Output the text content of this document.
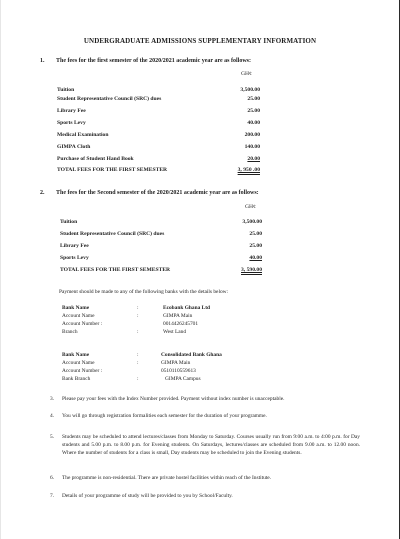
UNDERGRADUATE ADMISSIONS SUPPLEMENTARY INFORMATION
1. The fees for the first semester of the 2020/2021 academic year are as follows:
GH¢
Tuition	3,500.00
Student Representative Council (SRC) dues	25.00
Library Fee	25.00
Sports Levy	40.00
Medical Examination	200.00
GIMPA Cloth	140.00
Purchase of Student Hand Book	20.00
TOTAL FEES FOR THE FIRST SEMESTER	3, 950 .00
2. The fees for the Second semester of the 2020/2021 academic year are as follows:
GH¢
Tuition	3,500.00
Student Representative Council (SRC) dues	25.00
Library Fee	25.00
Sports Levy	40.00
TOTAL FEES FOR THE FIRST SEMESTER	3, 590.00
Payment should be made to any of the following banks with the details below:
Bank Name	:	Ecobank Ghana Ltd
Account Name	:	GIMPA Main
Account Number :	0014426245701
Branch	:	West Land
Bank Name	:	Consolidated Bank Ghana
Account Name	:	GIMPA Main
Account Number :	0510110559613
Bank Branch	:	GIMPA Campus
3. Please pay your fees with the Index Number provided. Payment without index number is unacceptable.
4. You will go through registration formalities each semester for the duration of your programme.
5. Students may be scheduled to attend lectures/classes from Monday to Saturday. Courses usually run from 9:00 a.m. to 4:00 p.m. for Day students and 5.00 p.m. to 8.00 p.m. for Evening students. On Saturdays, lectures/classes are scheduled from 9.00 a.m. to 12.00 noon. Where the number of students for a class is small, Day students may be scheduled to join the Evening students.
6. The programme is non-residential. There are private hostel facilities within reach of the Institute.
7. Details of your programme of study will be provided to you by School/Faculty.
